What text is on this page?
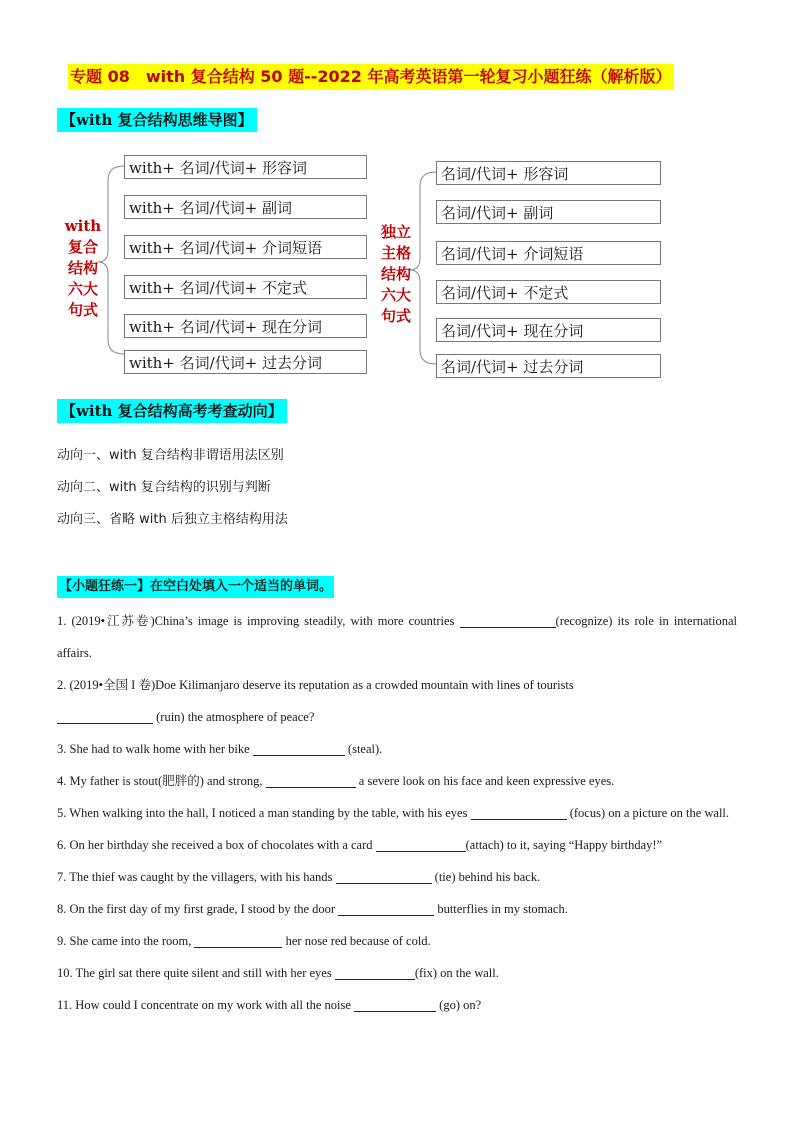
专题 08　with 复合结构 50 题--2022 年高考英语第一轮复习小题狂练（解析版）
【with 复合结构思维导图】
with
复合
结构
六大
句式
with+ 名词/代词+ 形容词
with+ 名词/代词+ 副词
with+ 名词/代词+ 介词短语
with+ 名词/代词+ 不定式
with+ 名词/代词+ 现在分词
with+ 名词/代词+ 过去分词
独立
主格
结构
六大
句式
名词/代词+ 形容词
名词/代词+ 副词
名词/代词+ 介词短语
名词/代词+ 不定式
名词/代词+ 现在分词
名词/代词+ 过去分词
【with 复合结构高考考查动向】
动向一、with 复合结构非谓语用法区别
动向二、with 复合结构的识别与判断
动向三、省略 with 后独立主格结构用法
【小题狂练一】在空白处填入一个适当的单词。

1. (2019•江苏卷)China’s image is improving steadily, with more countries	(recognize) its role in international affairs.

2. (2019•全国 I 卷)Doe Kilimanjaro deserve its reputation as a crowded mountain with lines of tourists
(ruin) the atmosphere of peace?

3. She had to walk home with her bike	(steal).

4. My father is stout(肥胖的) and strong,	a severe look on his face and keen expressive eyes.

5. When walking into the hall, I noticed a man standing by the table, with his eyes	(focus) on a picture on the wall.

6. On her birthday she received a box of chocolates with a card	(attach) to it, saying “Happy birthday!”

7. The thief was caught by the villagers, with his hands	(tie) behind his back.

8. On the first day of my first grade, I stood by the door	butterflies in my stomach.

9. She came into the room,	her nose red because of cold.

10. The girl sat there quite silent and still with her eyes	(fix) on the wall.

11. How could I concentrate on my work with all the noise	(go) on?
